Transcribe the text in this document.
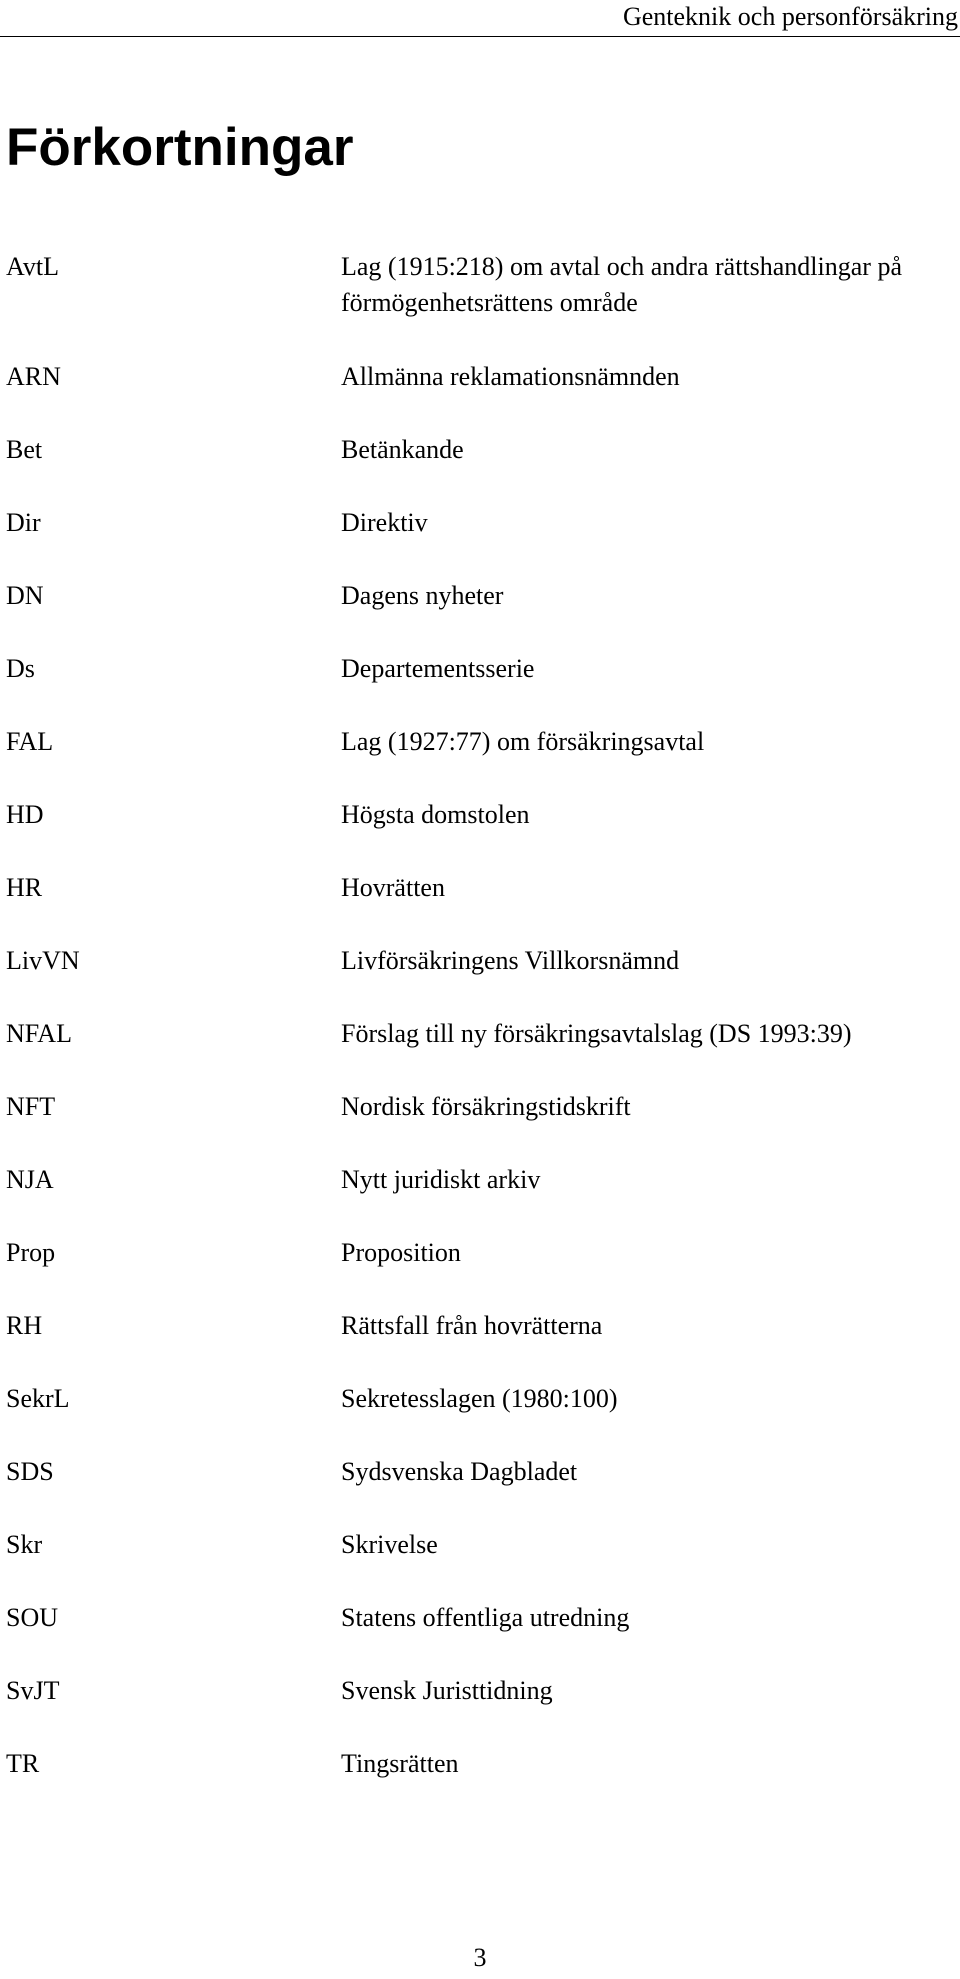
Genteknik och personförsäkring
Förkortningar
AvtL	Lag (1915:218) om avtal och andra rättshandlingar på förmögenhetsrättens område
ARN	Allmänna reklamationsnämnden
Bet	Betänkande
Dir	Direktiv
DN	Dagens nyheter
Ds	Departementsserie
FAL	Lag (1927:77) om försäkringsavtal
HD	Högsta domstolen
HR	Hovrätten
LivVN	Livförsäkringens Villkorsnämnd
NFAL	Förslag till ny försäkringsavtalslag (DS 1993:39)
NFT	Nordisk försäkringstidskrift
NJA	Nytt juridiskt arkiv
Prop	Proposition
RH	Rättsfall från hovrätterna
SekrL	Sekretesslagen (1980:100)
SDS	Sydsvenska Dagbladet
Skr	Skrivelse
SOU	Statens offentliga utredning
SvJT	Svensk Juristtidning
TR	Tingsrätten
3
